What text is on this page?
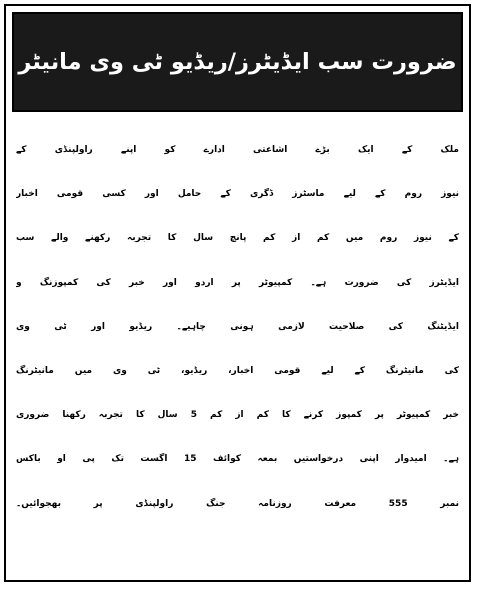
ضرورت سب ایڈیٹرز/ریڈیو ٹی وی مانیٹر
ملک کے ایک بڑے اشاعتی ادارے کو اپنے راولپنڈی کے
نیوز روم کے لیے ماسٹرز ڈگری کے حامل اور کسی قومی اخبار
کے نیوز روم میں کم از کم پانچ سال کا تجربہ رکھنے والے سب
ایڈیٹرز کی ضرورت ہے۔ کمپیوٹر پر اردو اور خبر کی کمپوزنگ و
ایڈیٹنگ کی صلاحیت لازمی ہونی چاہیے۔ ریڈیو اور ٹی وی
کی مانیٹرنگ کے لیے قومی اخبار، ریڈیو، ٹی وی میں مانیٹرنگ
خبر کمپیوٹر پر کمپوز کرنے کا کم از کم 5 سال کا تجربہ رکھنا ضروری
ہے۔ امیدوار اپنی درخواستیں بمعہ کوائف 15 اگست تک پی او باکس
نمبر 555 معرفت روزنامہ جنگ راولپنڈی پر بھجوائیں۔
